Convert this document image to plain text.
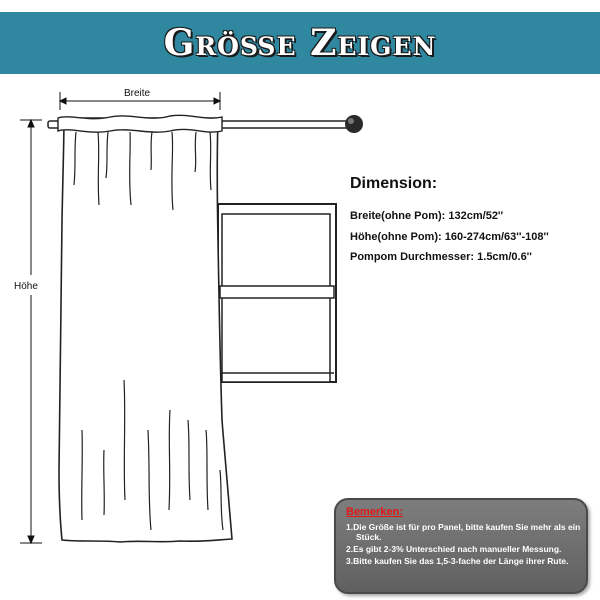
Größe Zeigen
Breite
Höhe
Dimension:
Breite(ohne Pom): 132cm/52''
Höhe(ohne Pom): 160-274cm/63''-108''
Pompom Durchmesser: 1.5cm/0.6''
Bemerken:
1.Die Größe ist für pro Panel, bitte kaufen Sie mehr als ein Stück.
2.Es gibt 2-3% Unterschied nach manueller Messung.
3.Bitte kaufen Sie das 1,5-3-fache der Länge ihrer Rute.
